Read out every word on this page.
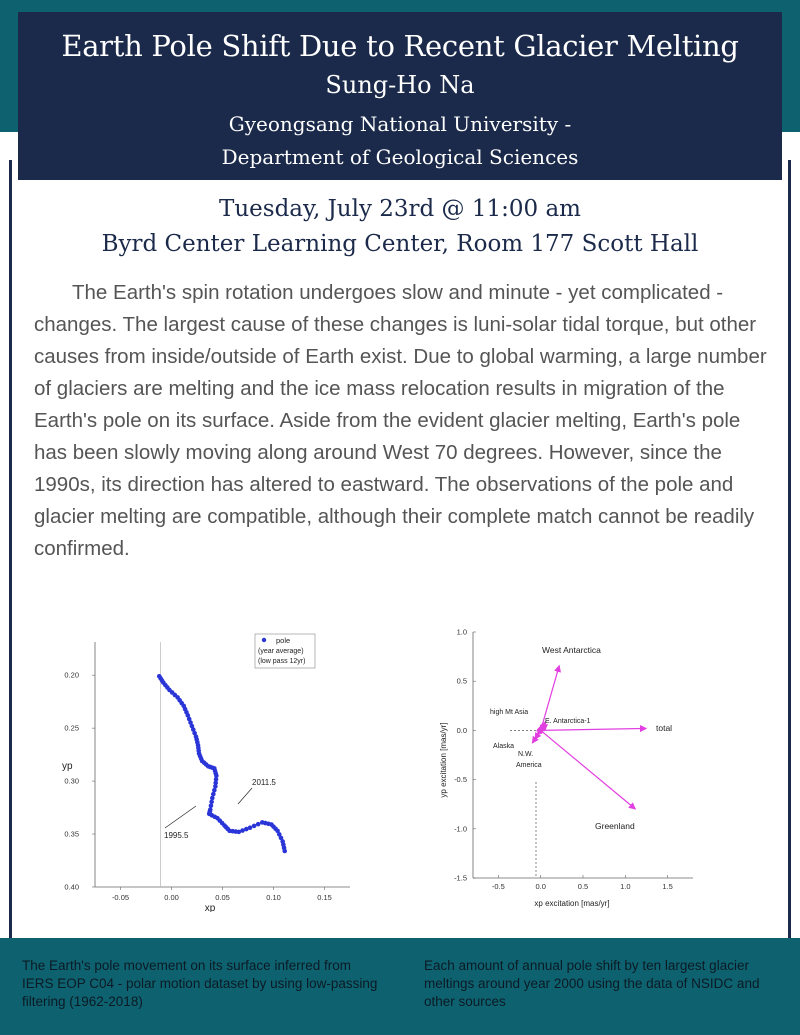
Earth Pole Shift Due to Recent Glacier Melting
Sung-Ho Na
Gyeongsang National University -
Department of Geological Sciences
Tuesday, July 23rd @ 11:00 am
Byrd Center Learning Center, Room 177 Scott Hall

The Earth's spin rotation undergoes slow and minute - yet complicated - changes. The largest cause of these changes is luni-solar tidal torque, but other causes from inside/outside of Earth exist. Due to global warming, a large number of glaciers are melting and the ice mass relocation results in migration of the Earth's pole on its surface. Aside from the evident glacier melting, Earth's pole has been slowly moving along around West 70 degrees. However, since the 1990s, its direction has altered to eastward. The observations of the pole and glacier melting are compatible, although their complete match cannot be readily confirmed.

-0.05	0.00	0.05	0.10	0.15
0.20
0.25
0.30
0.35
0.40
xp
yp
pole
(year average)
(low pass 12yr)
1995.5
2011.5
-0.5	0.0	0.5	1.0	1.5
1.0
0.5
0.0
-0.5
-1.0
-1.5
West Antarctica
high Mt Asia
E. Antarctica-1
total
Alaska
N.W.
America
Greenland
xp excitation [mas/yr]
yp excitation [mas/yr]

The Earth's pole movement on its surface inferred from IERS EOP C04 - polar motion dataset by using low-passing filtering (1962-2018)

Each amount of annual pole shift by ten largest glacier meltings around year 2000 using the data of NSIDC and other sources
